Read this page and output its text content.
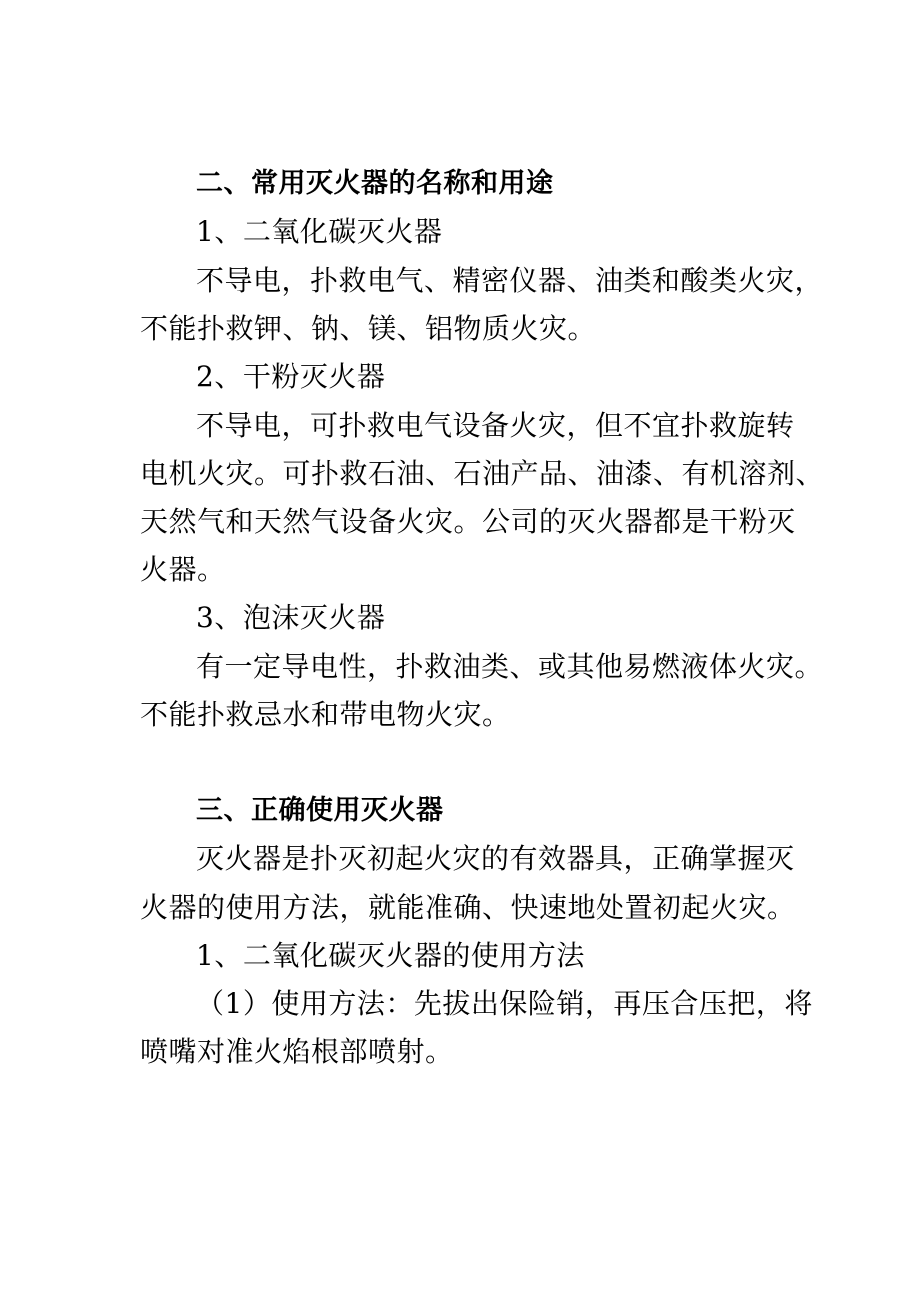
二、常用灭火器的名称和用途
1、二氧化碳灭火器
不导电，扑救电气、精密仪器、油类和酸类火灾，
不能扑救钾、钠、镁、铝物质火灾。
2、干粉灭火器
不导电，可扑救电气设备火灾，但不宜扑救旋转
电机火灾。可扑救石油、石油产品、油漆、有机溶剂、
天然气和天然气设备火灾。公司的灭火器都是干粉灭
火器。
3、泡沫灭火器
有一定导电性，扑救油类、或其他易燃液体火灾。
不能扑救忌水和带电物火灾。
三、正确使用灭火器
灭火器是扑灭初起火灾的有效器具，正确掌握灭
火器的使用方法，就能准确、快速地处置初起火灾。
1、二氧化碳灭火器的使用方法
（1）使用方法：先拔出保险销，再压合压把，将
喷嘴对准火焰根部喷射。
